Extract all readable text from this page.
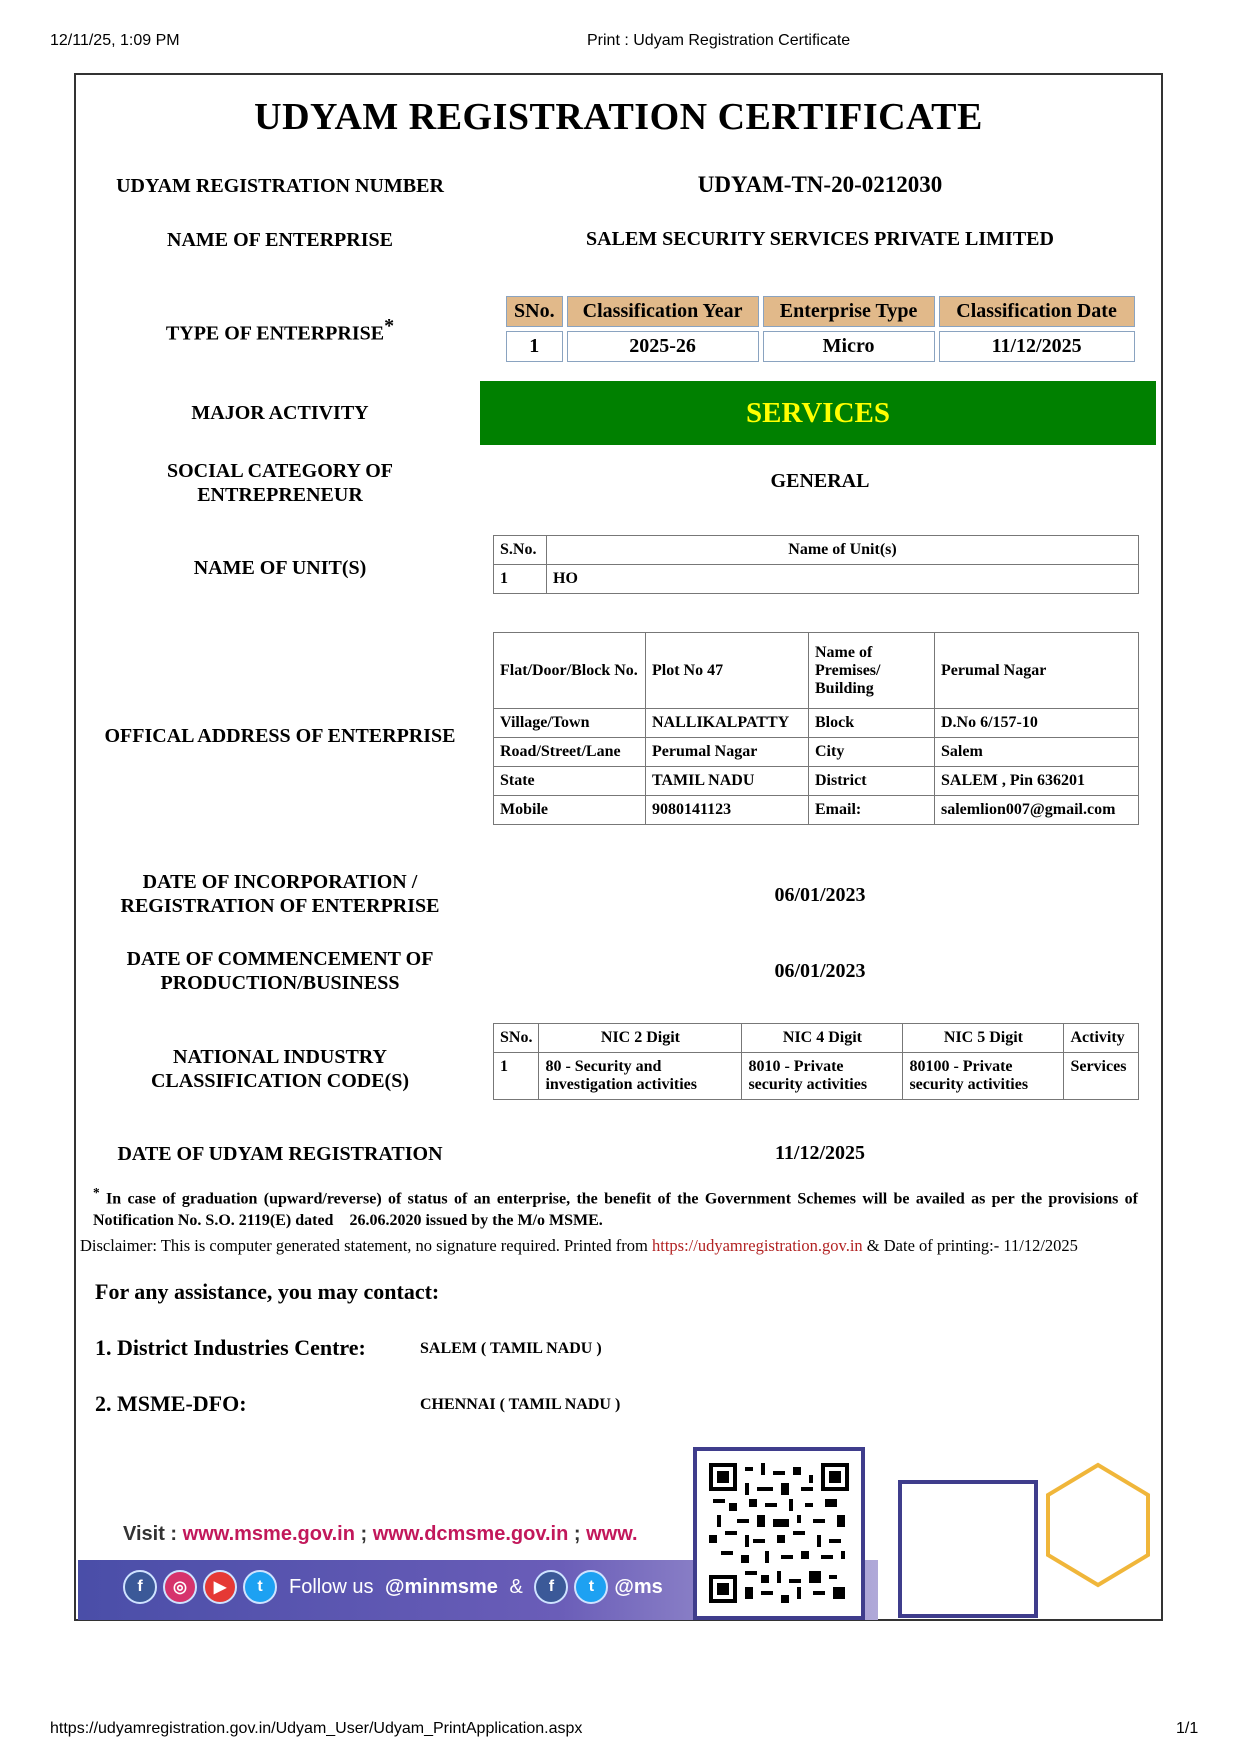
12/11/25, 1:09 PM	Print : Udyam Registration Certificate
https://udyamregistration.gov.in/Udyam_User/Udyam_PrintApplication.aspx	1/1
UDYAM REGISTRATION CERTIFICATE
UDYAM REGISTRATION NUMBER	UDYAM-TN-20-0212030
NAME OF ENTERPRISE	SALEM SECURITY SERVICES PRIVATE LIMITED
TYPE OF ENTERPRISE*
SNo.	Classification Year	Enterprise Type	Classification Date
1	2025-26	Micro	11/12/2025
MAJOR ACTIVITY	SERVICES
SOCIAL CATEGORY OF
ENTREPRENEUR
GENERAL
NAME OF UNIT(S)
S.No.	Name of Unit(s)
1	HO
OFFICAL ADDRESS OF ENTERPRISE
Flat/Door/Block No.	Plot No 47	Name of Premises/ Building	Perumal Nagar
Village/Town	NALLIKALPATTY	Block	D.No 6/157-10
Road/Street/Lane	Perumal Nagar	City	Salem
State	TAMIL NADU	District	SALEM , Pin 636201
Mobile	9080141123	Email:	salemlion007@gmail.com
DATE OF INCORPORATION /
REGISTRATION OF ENTERPRISE	06/01/2023
DATE OF COMMENCEMENT OF
PRODUCTION/BUSINESS
06/01/2023
NATIONAL INDUSTRY
CLASSIFICATION CODE(S)
SNo.	NIC 2 Digit	NIC 4 Digit	NIC 5 Digit	Activity
1	80 - Security and investigation activities	8010 - Private security activities	80100 - Private security activities	Services
DATE OF UDYAM REGISTRATION	11/12/2025
* In case of graduation (upward/reverse) of status of an enterprise, the benefit of the Government Schemes will be availed as per the provisions of Notification No. S.O. 2119(E) dated    26.06.2020 issued by the M/o MSME.
Disclaimer: This is computer generated statement, no signature required. Printed from https://udyamregistration.gov.in & Date of printing:- 11/12/2025
For any assistance, you may contact:
1. District Industries Centre:	SALEM ( TAMIL NADU )
2. MSME-DFO:	CHENNAI ( TAMIL NADU )
Visit : www.msme.gov.in ; www.dcmsme.gov.in ; www.
f	◎	▶	t	Follow us @minmsme &	f	t	@ms
